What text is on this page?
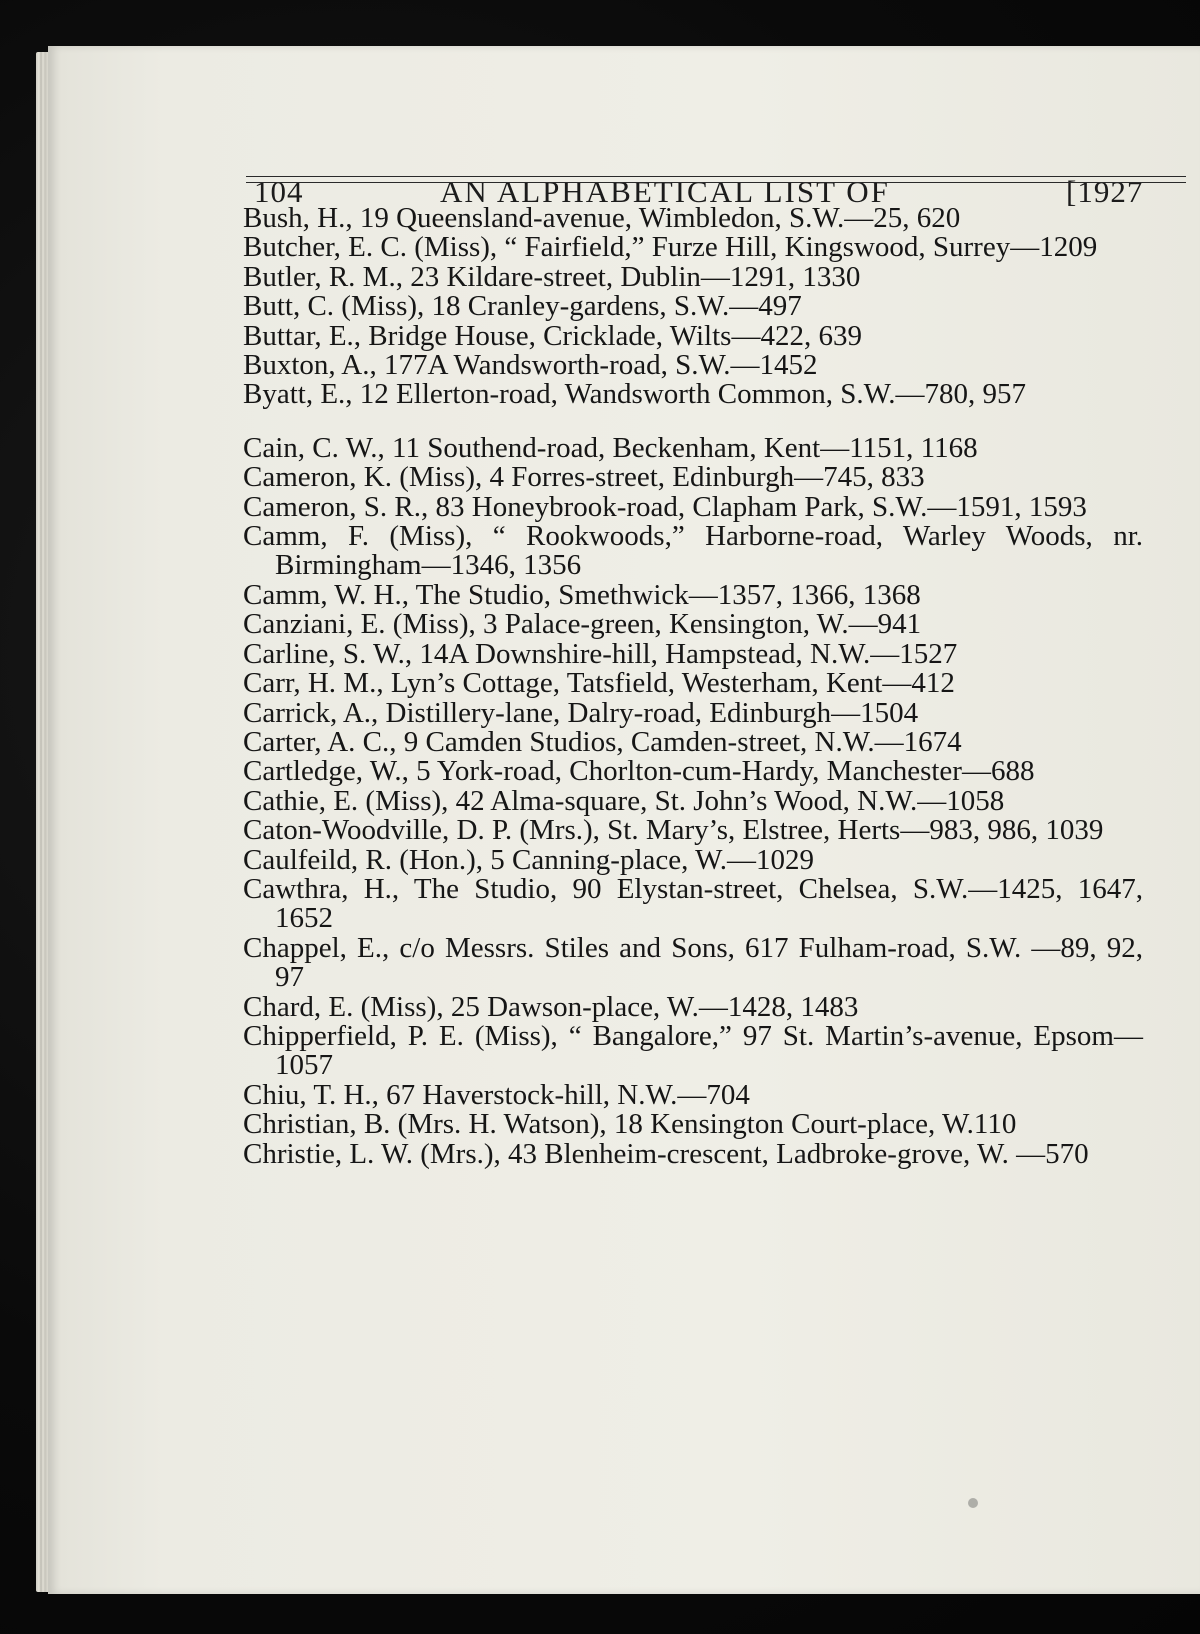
104	AN ALPHABETICAL LIST OF	[1927

Bush, H., 19 Queensland-avenue, Wimbledon, S.W.—25, 620

Butcher, E. C. (Miss), “ Fairfield,” Furze Hill, Kingswood, Surrey—1209

Butler, R. M., 23 Kildare-street, Dublin—1291, 1330

Butt, C. (Miss), 18 Cranley-gardens, S.W.—497

Buttar, E., Bridge House, Cricklade, Wilts—422, 639

Buxton, A., 177A Wandsworth-road, S.W.—1452

Byatt, E., 12 Ellerton-road, Wandsworth Common, S.W.—780, 957

Cain, C. W., 11 Southend-road, Beckenham, Kent—1151, 1168

Cameron, K. (Miss), 4 Forres-street, Edinburgh—745, 833

Cameron, S. R., 83 Honeybrook-road, Clapham Park, S.W.—1591, 1593

Camm, F. (Miss), “ Rookwoods,” Harborne-road, Warley Woods, nr. Birmingham—1346, 1356

Camm, W. H., The Studio, Smethwick—1357, 1366, 1368

Canziani, E. (Miss), 3 Palace-green, Kensington, W.—941

Carline, S. W., 14A Downshire-hill, Hampstead, N.W.—1527

Carr, H. M., Lyn’s Cottage, Tatsfield, Westerham, Kent—412

Carrick, A., Distillery-lane, Dalry-road, Edinburgh—1504

Carter, A. C., 9 Camden Studios, Camden-street, N.W.—1674

Cartledge, W., 5 York-road, Chorlton-cum-Hardy, Manchester—688

Cathie, E. (Miss), 42 Alma-square, St. John’s Wood, N.W.—1058

Caton-Woodville, D. P. (Mrs.), St. Mary’s, Elstree, Herts—983, 986, 1039

Caulfeild, R. (Hon.), 5 Canning-place, W.—1029

Cawthra, H., The Studio, 90 Elystan-street, Chelsea, S.W.—1425, 1647, 1652

Chappel, E., c/o Messrs. Stiles and Sons, 617 Fulham-road, S.W. —89, 92, 97

Chard, E. (Miss), 25 Dawson-place, W.—1428, 1483

Chipperfield, P. E. (Miss), “ Bangalore,” 97 St. Martin’s-avenue, Epsom—1057

Chiu, T. H., 67 Haverstock-hill, N.W.—704

Christian, B. (Mrs. H. Watson), 18 Kensington Court-place, W.110

Christie, L. W. (Mrs.), 43 Blenheim-crescent, Ladbroke-grove, W. —570
